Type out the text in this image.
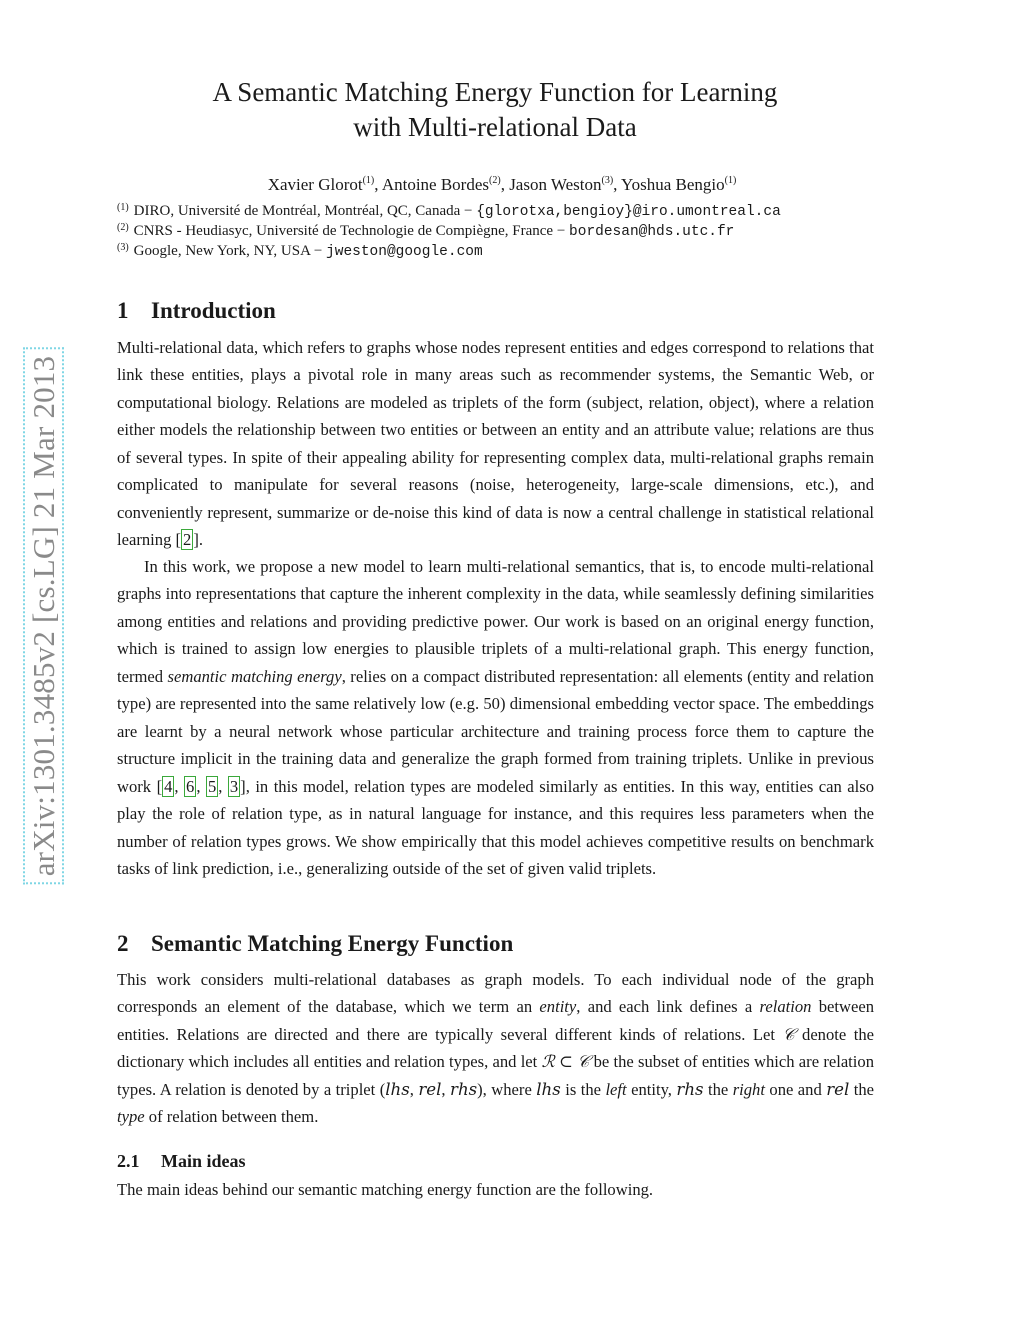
arXiv:1301.3485v2 [cs.LG] 21 Mar 2013
A Semantic Matching Energy Function for Learning
with Multi-relational Data
Xavier Glorot$^{(1)}$, Antoine Bordes$^{(2)}$, Jason Weston$^{(3)}$, Yoshua Bengio$^{(1)}$
$^{(1)}$ DIRO, Université de Montréal, Montréal, QC, Canada − {glorotxa,bengioy}@iro.umontreal.ca
$^{(2)}$ CNRS - Heudiasyc, Université de Technologie de Compiègne, France − bordesan@hds.utc.fr
$^{(3)}$ Google, New York, NY, USA − jweston@google.com
1 Introduction
Multi-relational data, which refers to graphs whose nodes represent entities and edges correspond to relations that link these entities, plays a pivotal role in many areas such as recommender systems, the Semantic Web, or computational biology. Relations are modeled as triplets of the form (subject, relation, object), where a relation either models the relationship between two entities or between an entity and an attribute value; relations are thus of several types. In spite of their appealing ability for representing complex data, multi-relational graphs remain complicated to manipulate for several reasons (noise, heterogeneity, large-scale dimensions, etc.), and conveniently represent, summarize or de-noise this kind of data is now a central challenge in statistical relational learning [ 2 ].
In this work, we propose a new model to learn multi-relational semantics, that is, to encode multi-relational graphs into representations that capture the inherent complexity in the data, while seamlessly defining similarities among entities and relations and providing predictive power. Our work is based on an original energy function, which is trained to assign low energies to plausible triplets of a multi-relational graph. This energy function, termed semantic matching energy, relies on a compact distributed representation: all elements (entity and relation type) are represented into the same relatively low (e.g. 50) dimensional embedding vector space. The embeddings are learnt by a neural network whose particular architecture and training process force them to capture the structure implicit in the training data and generalize the graph formed from training triplets. Unlike in previous work [ 4 , 6 , 5 , 3 ], in this model, relation types are modeled similarly as entities. In this way, entities can also play the role of relation type, as in natural language for instance, and this requires less parameters when the number of relation types grows. We show empirically that this model achieves competitive results on benchmark tasks of link prediction, i.e., generalizing outside of the set of given valid triplets.
2 Semantic Matching Energy Function
This work considers multi-relational databases as graph models. To each individual node of the graph corresponds an element of the database, which we term an entity, and each link defines a relation between entities. Relations are directed and there are typically several different kinds of relations. Let 𝒞 denote the dictionary which includes all entities and relation types, and let ℛ ⊂ 𝒞 be the subset of entities which are relation types. A relation is denoted by a triplet (lhs, rel, rhs), where lhs is the left entity, rhs the right one and rel the type of relation between them.
2.1 Main ideas
The main ideas behind our semantic matching energy function are the following.
